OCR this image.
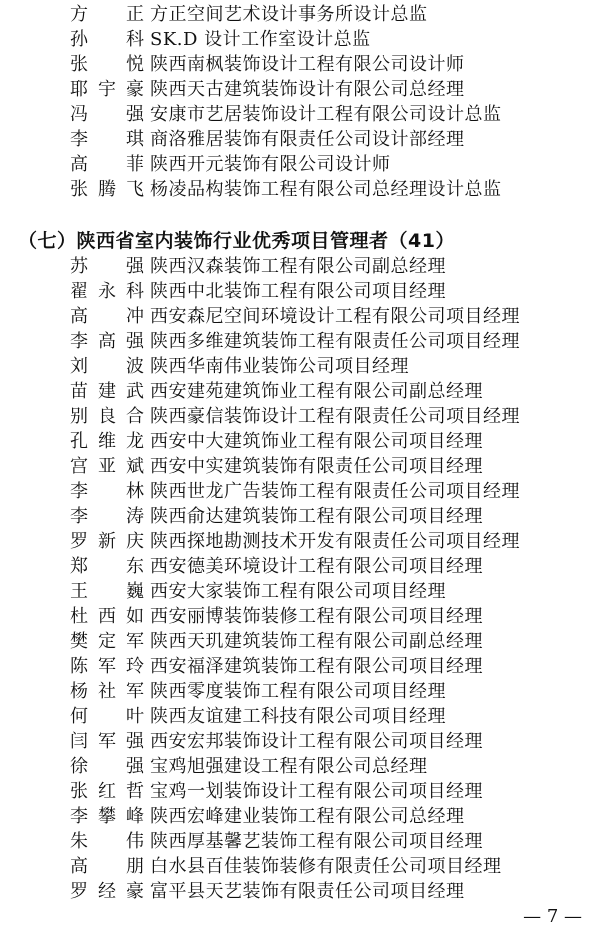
方 正 方正空间艺术设计事务所设计总监
孙 科 SK.D 设计工作室设计总监
张 悦 陕西南枫装饰设计工程有限公司设计师
耶 宇 豪 陕西天古建筑装饰设计有限公司总经理
冯 强 安康市艺居装饰设计工程有限公司设计总监
李 琪 商洛雅居装饰有限责任公司设计部经理
高 菲 陕西开元装饰有限公司设计师
张 腾 飞 杨凌品构装饰工程有限公司总经理设计总监
（七）陕西省室内装饰行业优秀项目管理者（41）
苏 强 陕西汉森装饰工程有限公司副总经理
翟 永 科 陕西中北装饰工程有限公司项目经理
高 冲 西安森尼空间环境设计工程有限公司项目经理
李 高 强 陕西多维建筑装饰工程有限责任公司项目经理
刘 波 陕西华南伟业装饰公司项目经理
苗 建 武 西安建苑建筑饰业工程有限公司副总经理
别 良 合 陕西豪信装饰设计工程有限责任公司项目经理
孔 维 龙 西安中大建筑饰业工程有限公司项目经理
宫 亚 斌 西安中实建筑装饰有限责任公司项目经理
李 林 陕西世龙广告装饰工程有限责任公司项目经理
李 涛 陕西俞达建筑装饰工程有限公司项目经理
罗 新 庆 陕西探地勘测技术开发有限责任公司项目经理
郑 东 西安德美环境设计工程有限公司项目经理
王 巍 西安大家装饰工程有限公司项目经理
杜 西 如 西安丽博装饰装修工程有限公司项目经理
樊 定 军 陕西天玑建筑装饰工程有限公司副总经理
陈 军 玲 西安福泽建筑装饰工程有限公司项目经理
杨 社 军 陕西零度装饰工程有限公司项目经理
何 叶 陕西友谊建工科技有限公司项目经理
闫 军 强 西安宏邦装饰设计工程有限公司项目经理
徐 强 宝鸡旭强建设工程有限公司总经理
张 红 哲 宝鸡一划装饰设计工程有限公司项目经理
李 攀 峰 陕西宏峰建业装饰工程有限公司总经理
朱 伟 陕西厚基馨艺装饰工程有限公司项目经理
高 朋 白水县百佳装饰装修有限责任公司项目经理
罗 经 豪 富平县天艺装饰有限责任公司项目经理
— 7 —
